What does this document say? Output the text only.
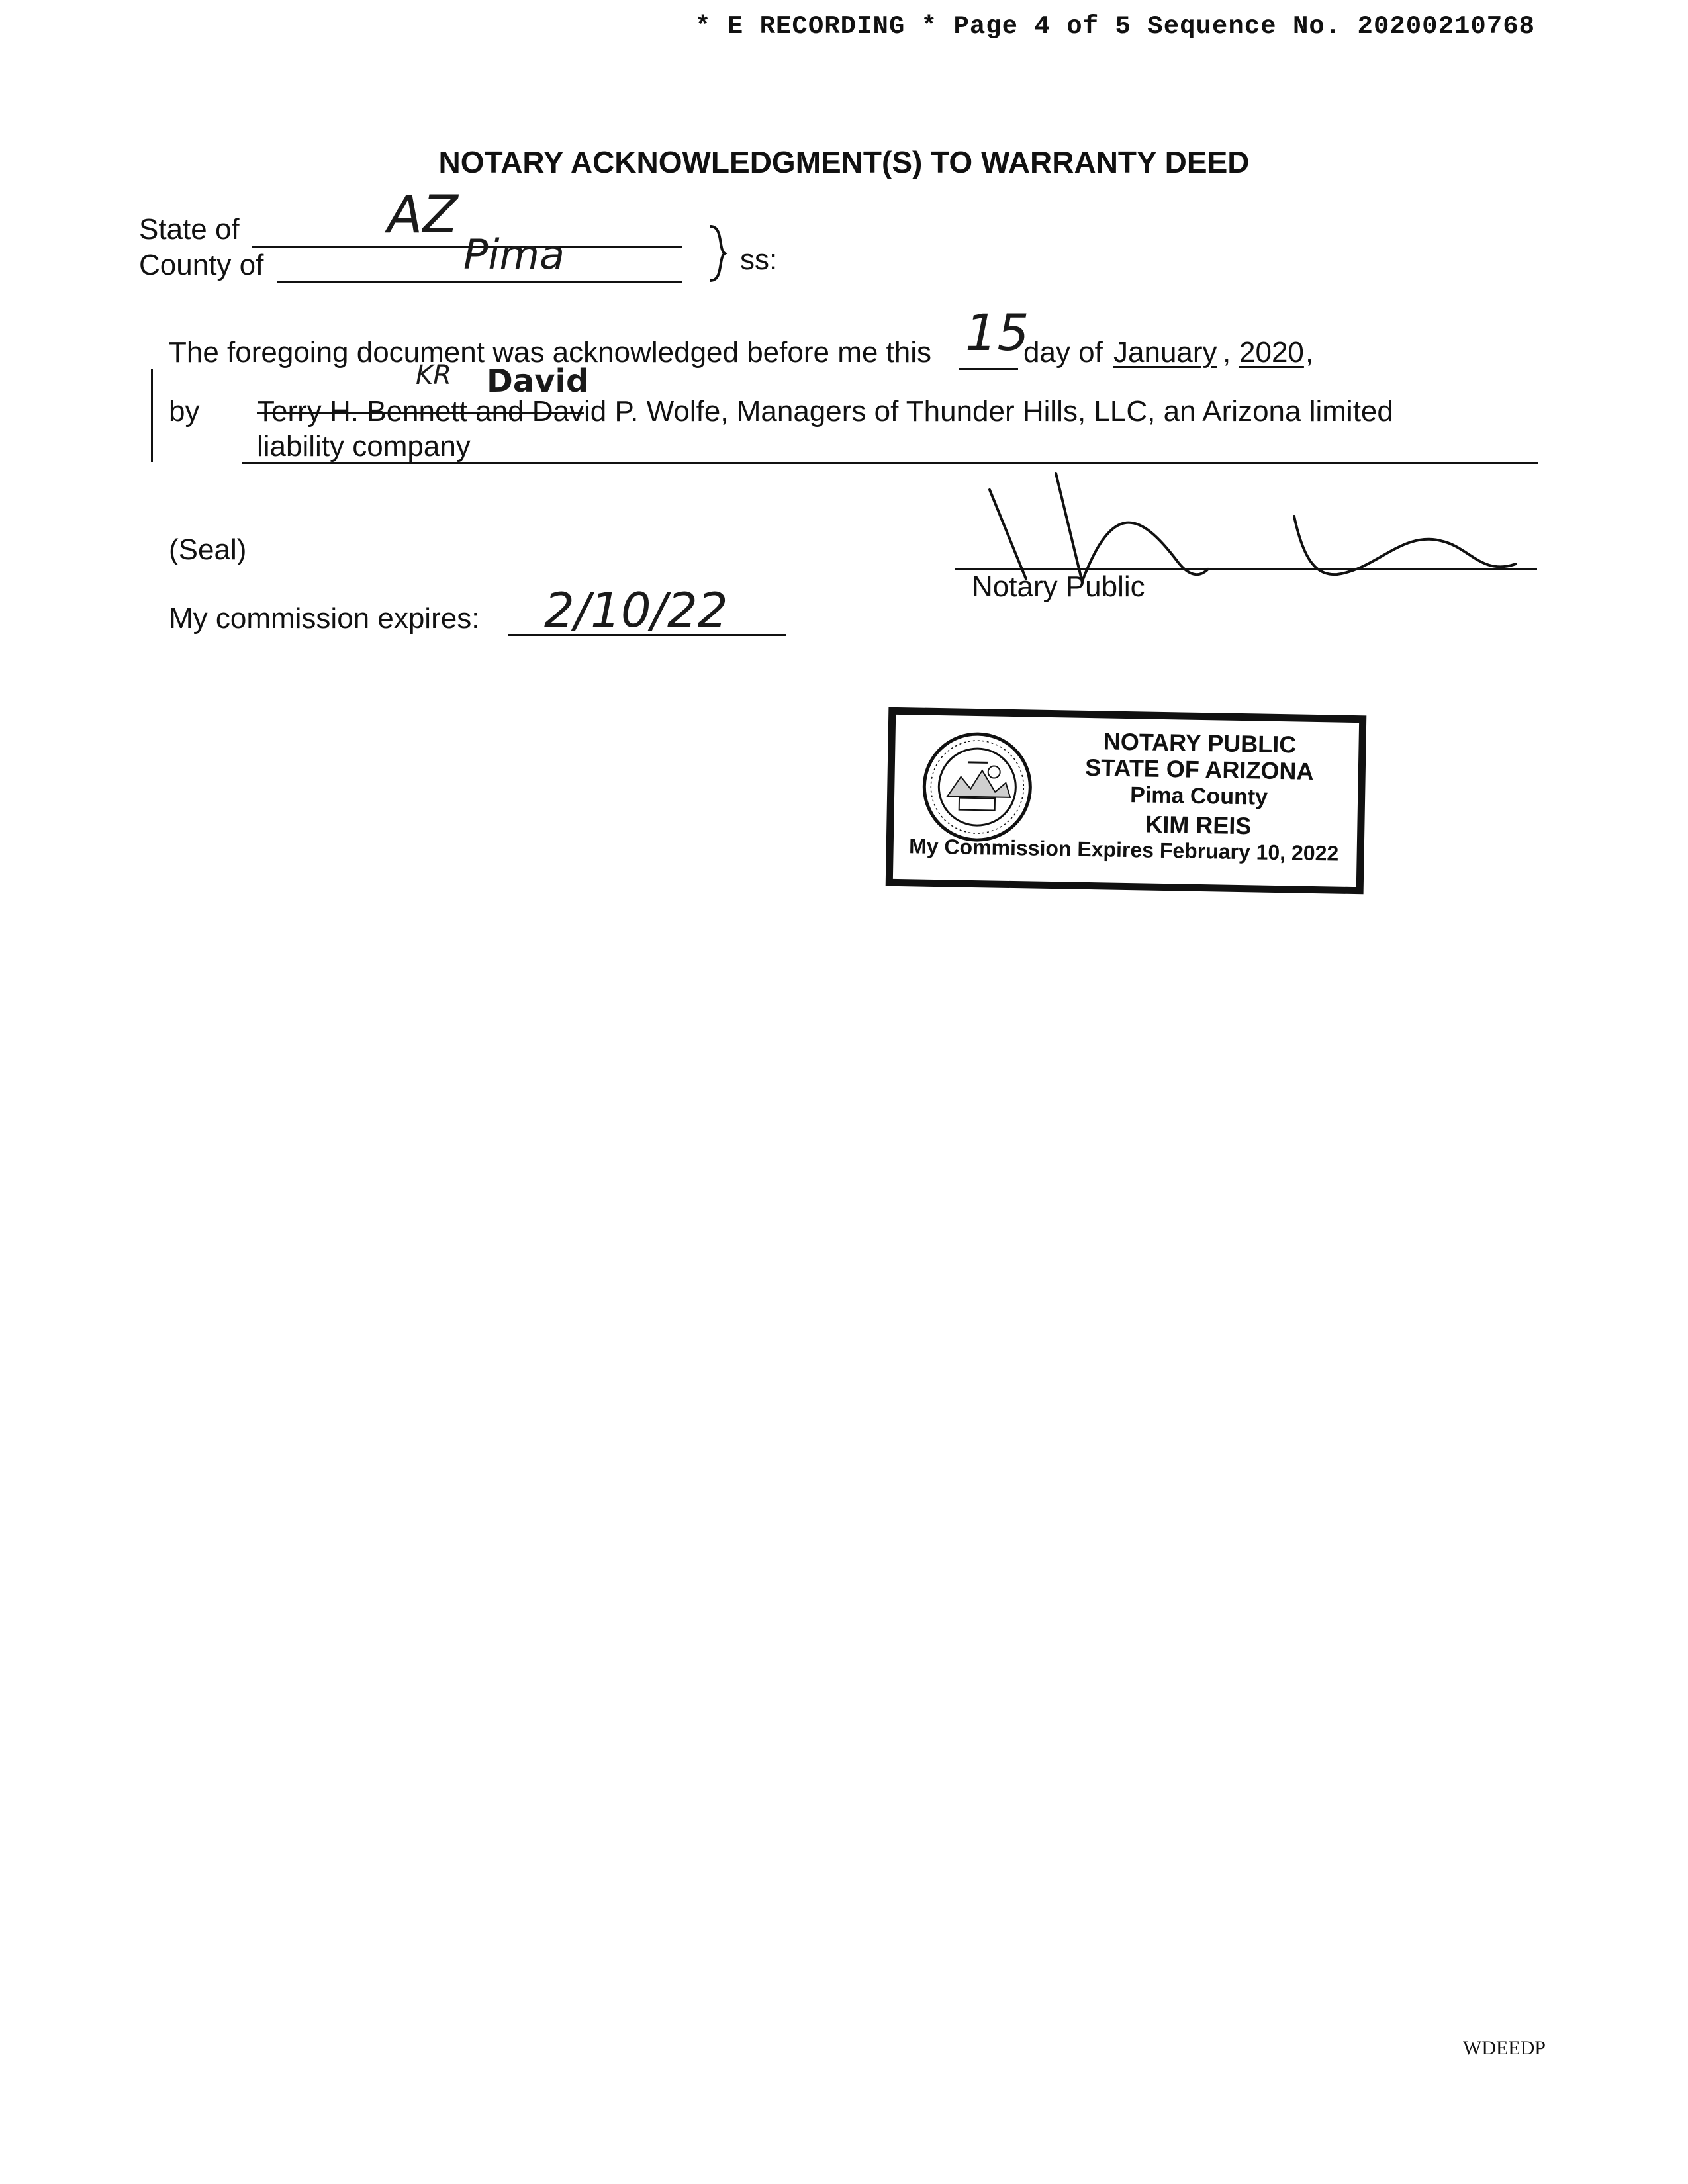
* E RECORDING * Page 4 of 5 Sequence No. 20200210768
NOTARY ACKNOWLEDGMENT(S) TO WARRANTY DEED
State of	AZ
County of	Pima	ss:
The foregoing document was acknowledged before me this 15
day of January , 2020 ,
KR David
by Terry H. Bennett and David P. Wolfe, Managers of Thunder Hills, LLC, an Arizona limited
liability company
(Seal)
My commission expires: 2/10/22	Notary Public
NOTARY PUBLIC
STATE OF ARIZONA
Pima County
KIM REIS
My Commission Expires February 10, 2022
WDEEDP
